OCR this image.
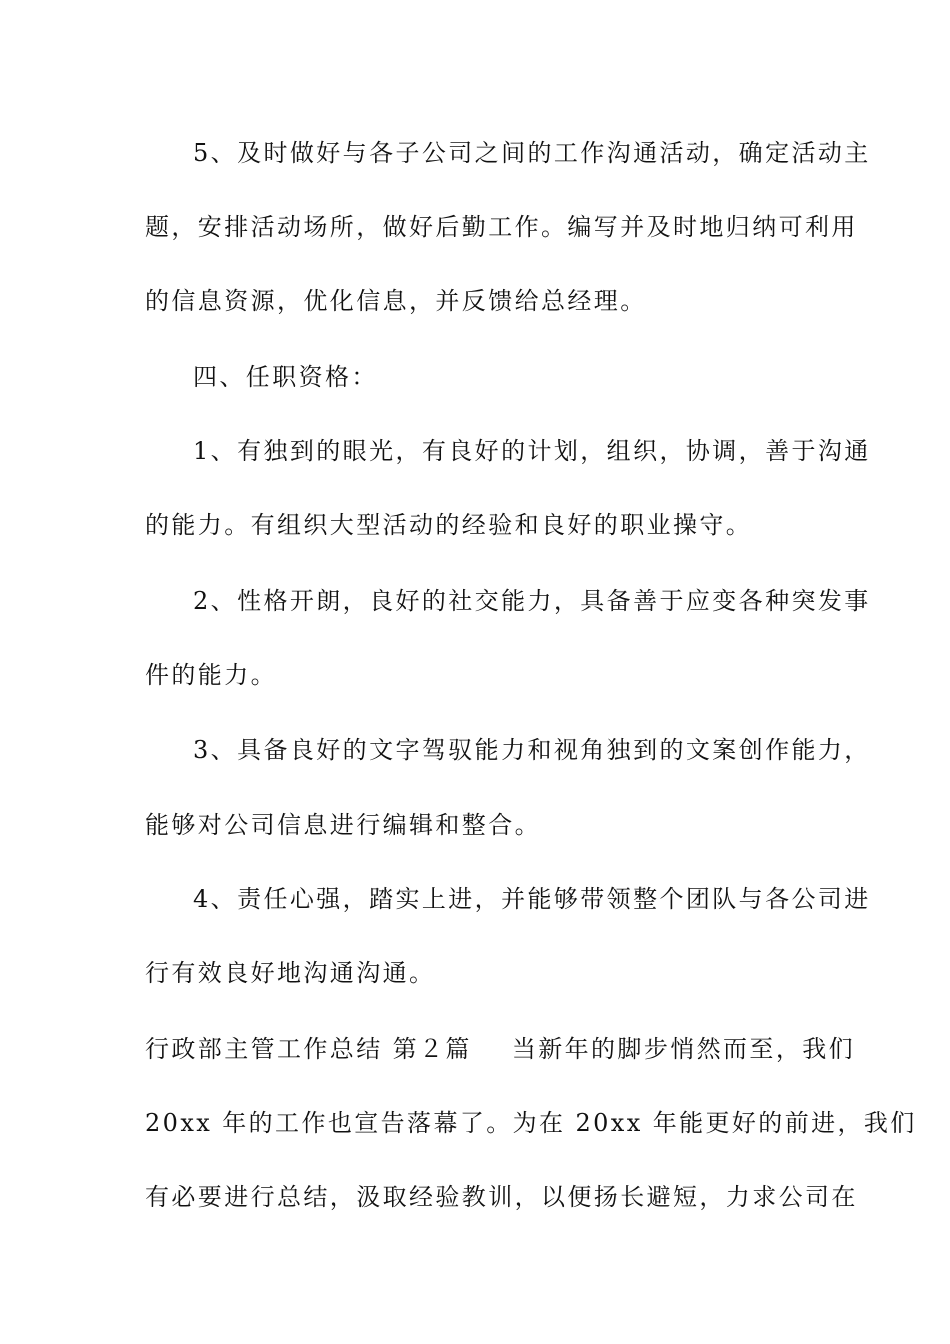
5、及时做好与各子公司之间的工作沟通活动，确定活动主
题，安排活动场所，做好后勤工作。编写并及时地归纳可利用
的信息资源，优化信息，并反馈给总经理。
四、任职资格：
1、有独到的眼光，有良好的计划，组织，协调，善于沟通
的能力。有组织大型活动的经验和良好的职业操守。
2、性格开朗，良好的社交能力，具备善于应变各种突发事
件的能力。
3、具备良好的文字驾驭能力和视角独到的文案创作能力，
能够对公司信息进行编辑和整合。
4、责任心强，踏实上进，并能够带领整个团队与各公司进
行有效良好地沟通沟通。
行政部主管工作总结 第２篇 当新年的脚步悄然而至，我们
20xx 年的工作也宣告落幕了。为在 20xx 年能更好的前进，我们
有必要进行总结，汲取经验教训，以便扬长避短，力求公司在
